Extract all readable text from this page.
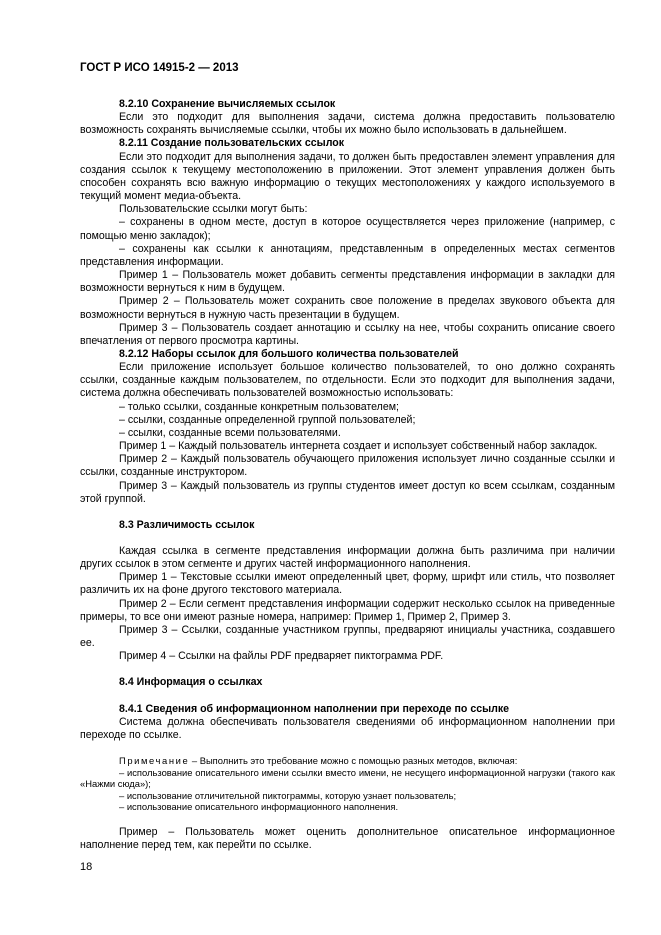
ГОСТ Р ИСО 14915-2 — 2013

8.2.10 Сохранение вычисляемых ссылок

Если это подходит для выполнения задачи, система должна предоставить пользователю возможность сохранять вычисляемые ссылки, чтобы их можно было использовать в дальнейшем.

8.2.11 Создание пользовательских ссылок

Если это подходит для выполнения задачи, то должен быть предоставлен элемент управления для создания ссылок к текущему местоположению в приложении. Этот элемент управления должен быть способен сохранять всю важную информацию о текущих местоположениях у каждого используемого в текущий момент медиа-объекта.

Пользовательские ссылки могут быть:

– сохранены в одном месте, доступ в которое осуществляется через приложение (например, с помощью меню закладок);

– сохранены как ссылки к аннотациям, представленным в определенных местах сегментов представления информации.

Пример 1 – Пользователь может добавить сегменты представления информации в закладки для возможности вернуться к ним в будущем.

Пример 2 – Пользователь может сохранить свое положение в пределах звукового объекта для возможности вернуться в нужную часть презентации в будущем.

Пример 3 – Пользователь создает аннотацию и ссылку на нее, чтобы сохранить описание своего впечатления от первого просмотра картины.

8.2.12 Наборы ссылок для большого количества пользователей

Если приложение использует большое количество пользователей, то оно должно сохранять ссылки, созданные каждым пользователем, по отдельности. Если это подходит для выполнения задачи, система должна обеспечивать пользователей возможностью использовать:

– только ссылки, созданные конкретным пользователем;

– ссылки, созданные определенной группой пользователей;

– ссылки, созданные всеми пользователями.

Пример 1 – Каждый пользователь интернета создает и использует собственный набор закладок.

Пример 2 – Каждый пользователь обучающего приложения использует лично созданные ссылки и ссылки, созданные инструктором.

Пример 3 – Каждый пользователь из группы студентов имеет доступ ко всем ссылкам, созданным этой группой.

8.3 Различимость ссылок

Каждая ссылка в сегменте представления информации должна быть различима при наличии других ссылок в этом сегменте и других частей информационного наполнения.

Пример 1 – Текстовые ссылки имеют определенный цвет, форму, шрифт или стиль, что позволяет различить их на фоне другого текстового материала.

Пример 2 – Если сегмент представления информации содержит несколько ссылок на приведенные примеры, то все они имеют разные номера, например: Пример 1, Пример 2, Пример 3.

Пример 3 – Ссылки, созданные участником группы, предваряют инициалы участника, создавшего ее.

Пример 4 – Ссылки на файлы PDF предваряет пиктограмма PDF.

8.4 Информация о ссылках

8.4.1 Сведения об информационном наполнении при переходе по ссылке

Система должна обеспечивать пользователя сведениями об информационном наполнении при переходе по ссылке.

Примечание – Выполнить это требование можно с помощью разных методов, включая:

– использование описательного имени ссылки вместо имени, не несущего информационной нагрузки (такого как «Нажми сюда»);

– использование отличительной пиктограммы, которую узнает пользователь;

– использование описательного информационного наполнения.

Пример – Пользователь может оценить дополнительное описательное информационное наполнение перед тем, как перейти по ссылке.

18
